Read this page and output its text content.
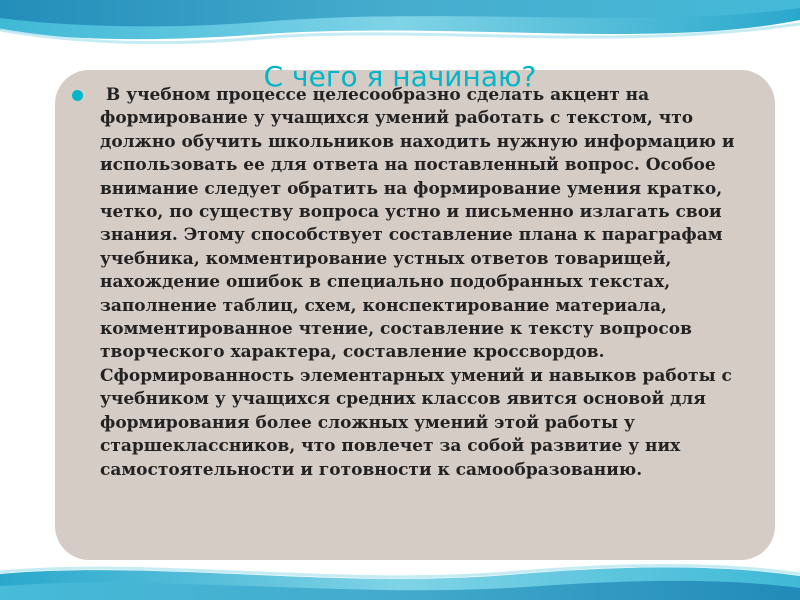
С чего я начинаю?

В учебном процессе целесообразно сделать акцент на формирование у учащихся умений работать с текстом, что должно обучить школьников находить нужную информацию и использовать ее для ответа на поставленный вопрос. Особое внимание следует обратить на формирование умения кратко, четко, по существу вопроса устно и письменно излагать свои знания. Этому способствует составление плана к параграфам учебника, комментирование устных ответов товарищей, нахождение ошибок в специально подобранных текстах, заполнение таблиц, схем, конспектирование материала, комментированное чтение, составление к тексту вопросов творческого характера, составление кроссвордов. Сформированность элементарных умений и навыков работы с учебником у учащихся средних классов явится основой для формирования более сложных умений этой работы у старшеклассников, что повлечет за собой развитие у них самостоятельности и готовности к самообразованию.
